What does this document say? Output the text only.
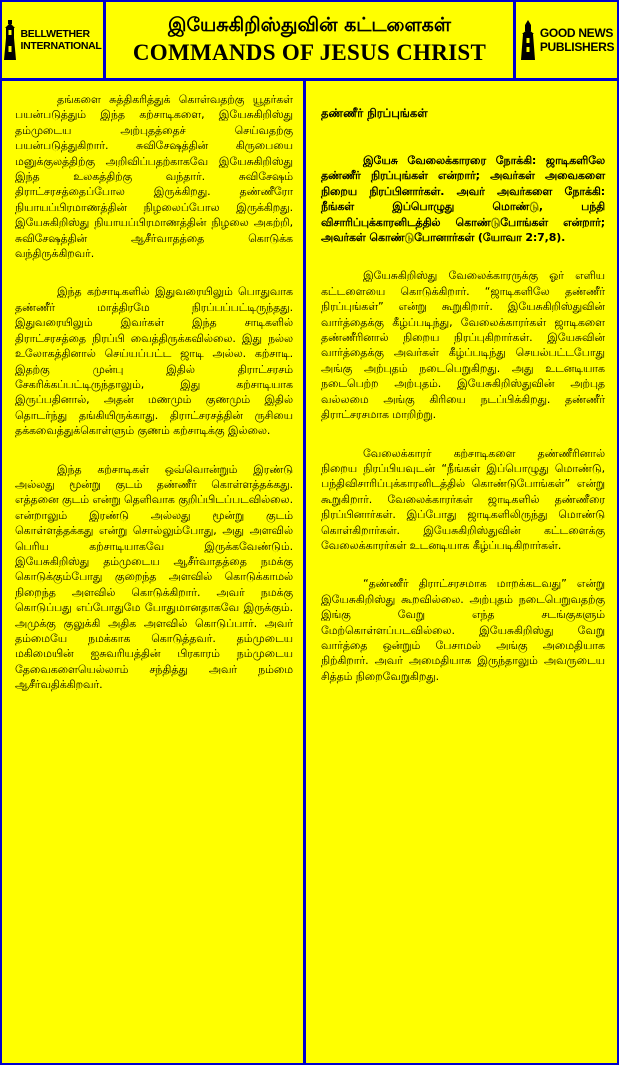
BELLWETHER
INTERNATIONAL
இயேசுகிறிஸ்துவின் கட்டளைகள்
COMMANDS OF JESUS CHRIST
GOOD NEWS
PUBLISHERS

தங்களை சுத்திகரித்துக் கொள்வதற்கு யூதர்கள் பயன்படுத்தும் இந்த கற்சாடிகளை, இயேசுகிறிஸ்து தம்முடைய அற்புதத்தைச் செய்வதற்கு பயன்படுத்துகிறார். சுவிசேஷத்தின் கிருபையை மனுக்குலத்திற்கு அறிவிப்பதற்காகவே இயேசுகிறிஸ்து இந்த உலகத்திற்கு வந்தார். சுவிசேஷம் திராட்சரசத்தைப்போல இருக்கிறது. தண்ணீரோ நியாயப்பிரமாணத்தின் நிழலைப்போல இருக்கிறது. இயேசுகிறிஸ்து நியாயப்பிரமாணத்தின் நிழலை அகற்றி, சுவிசேஷத்தின் ஆசீர்வாதத்தை கொடுக்க வந்திருக்கிறவர்.

இந்த கற்சாடிகளில் இதுவரையிலும் பொதுவாக தண்ணீர் மாத்திரமே நிரப்பப்பட்டிருந்தது. இதுவரையிலும் இவர்கள் இந்த சாடிகளில் திராட்சரசத்தை நிரப்பி வைத்திருக்கவில்லை. இது நல்ல உலோகத்தினால் செய்யப்பட்ட ஜாடி அல்ல. கற்சாடி. இதற்கு முன்பு இதில் திராட்சரசம் சேகரிக்கப்பட்டிருந்தாலும், இது கற்சாடியாக இருப்பதினால், அதன் மணமும் குணமும் இதில் தொடர்ந்து தங்கியிருக்காது. திராட்சரசத்தின் ருசியை தக்கவைத்துக்கொள்ளும் குணம் கற்சாடிக்கு இல்லை.

இந்த கற்சாடிகள் ஒவ்வொன்றும் இரண்டு அல்லது மூன்று குடம் தண்ணீர் கொள்ளத்தக்கது. எத்தனை குடம் என்று தெளிவாக குறிப்பிடப்படவில்லை. என்றாலும் இரண்டு அல்லது மூன்று குடம் கொள்ளத்தக்கது என்று சொல்லும்போது, அது அளவில் பெரிய கற்சாடியாகவே இருக்கவேண்டும். இயேசுகிறிஸ்து தம்முடைய ஆசீர்வாதத்தை நமக்கு கொடுக்கும்போது குறைந்த அளவில் கொடுக்காமல் நிறைந்த அளவில் கொடுக்கிறார். அவர் நமக்கு கொடுப்பது எப்போதுமே போதுமானதாகவே இருக்கும். அமுக்கு குலுக்கி அதிக அளவில் கொடுப்பார். அவர் தம்மையே நமக்காக கொடுத்தவர். தம்முடைய மகிமையின் ஐசுவரியத்தின் பிரகாரம் நம்முடைய தேவைகளையெல்லாம் சந்தித்து அவர் நம்மை ஆசீர்வதிக்கிறவர்.

தண்ணீர் நிரப்புங்கள்

இயேசு வேலைக்காரரை நோக்கி: ஜாடிகளிலே தண்ணீர் நிரப்புங்கள் என்றார்; அவர்கள் அவைகளை நிறைய நிரப்பினார்கள். அவர் அவர்களை நோக்கி: நீங்கள் இப்பொழுது மொண்டு, பந்தி விசாரிப்புக்காரனிடத்தில் கொண்டுபோங்கள் என்றார்; அவர்கள் கொண்டுபோனார்கள் (யோவா 2:7,8).

இயேசுகிறிஸ்து வேலைக்காரருக்கு ஓர் எளிய கட்டளையை கொடுக்கிறார். “ஜாடிகளிலே தண்ணீர் நிரப்புங்கள்” என்று கூறுகிறார். இயேசுகிறிஸ்துவின் வார்த்தைக்கு கீழ்ப்படிந்து, வேலைக்காரர்கள் ஜாடிகளை தண்ணீரினால் நிறைய நிரப்புகிறார்கள். இயேசுவின் வார்த்தைக்கு அவர்கள் கீழ்ப்படிந்து செயல்பட்டபோது அங்கு அற்புதம் நடைபெறுகிறது. அது உடனடியாக நடைபெற்ற அற்புதம். இயேசுகிறிஸ்துவின் அற்புத வல்லமை அங்கு கிரியை நடப்பிக்கிறது. தண்ணீர் திராட்சரசமாக மாறிற்று.

வேலைக்காரர் கற்சாடிகளை தண்ணீரினால் நிறைய நிரப்பியவுடன் “நீங்கள் இப்பொழுது மொண்டு, பந்திவிசாரிப்புக்காரனிடத்தில் கொண்டுபோங்கள்” என்று கூறுகிறார். வேலைக்காரர்கள் ஜாடிகளில் தண்ணீரை நிரப்பினார்கள். இப்போது ஜாடிகளிலிருந்து மொண்டு கொள்கிறார்கள். இயேசுகிறிஸ்துவின் கட்டளைக்கு வேலைக்காரர்கள் உடனடியாக கீழ்ப்படிகிறார்கள்.

“தண்ணீர் திராட்சரசமாக மாறக்கடவது” என்று இயேசுகிறிஸ்து கூறவில்லை. அற்புதம் நடைபெறுவதற்கு இங்கு வேறு எந்த சடங்குகளும் மேற்கொள்ளப்படவில்லை. இயேசுகிறிஸ்து வேறு வார்த்தை ஒன்றும் பேசாமல் அங்கு அமைதியாக நிற்கிறார். அவர் அமைதியாக இருந்தாலும் அவருடைய சித்தம் நிறைவேறுகிறது.
